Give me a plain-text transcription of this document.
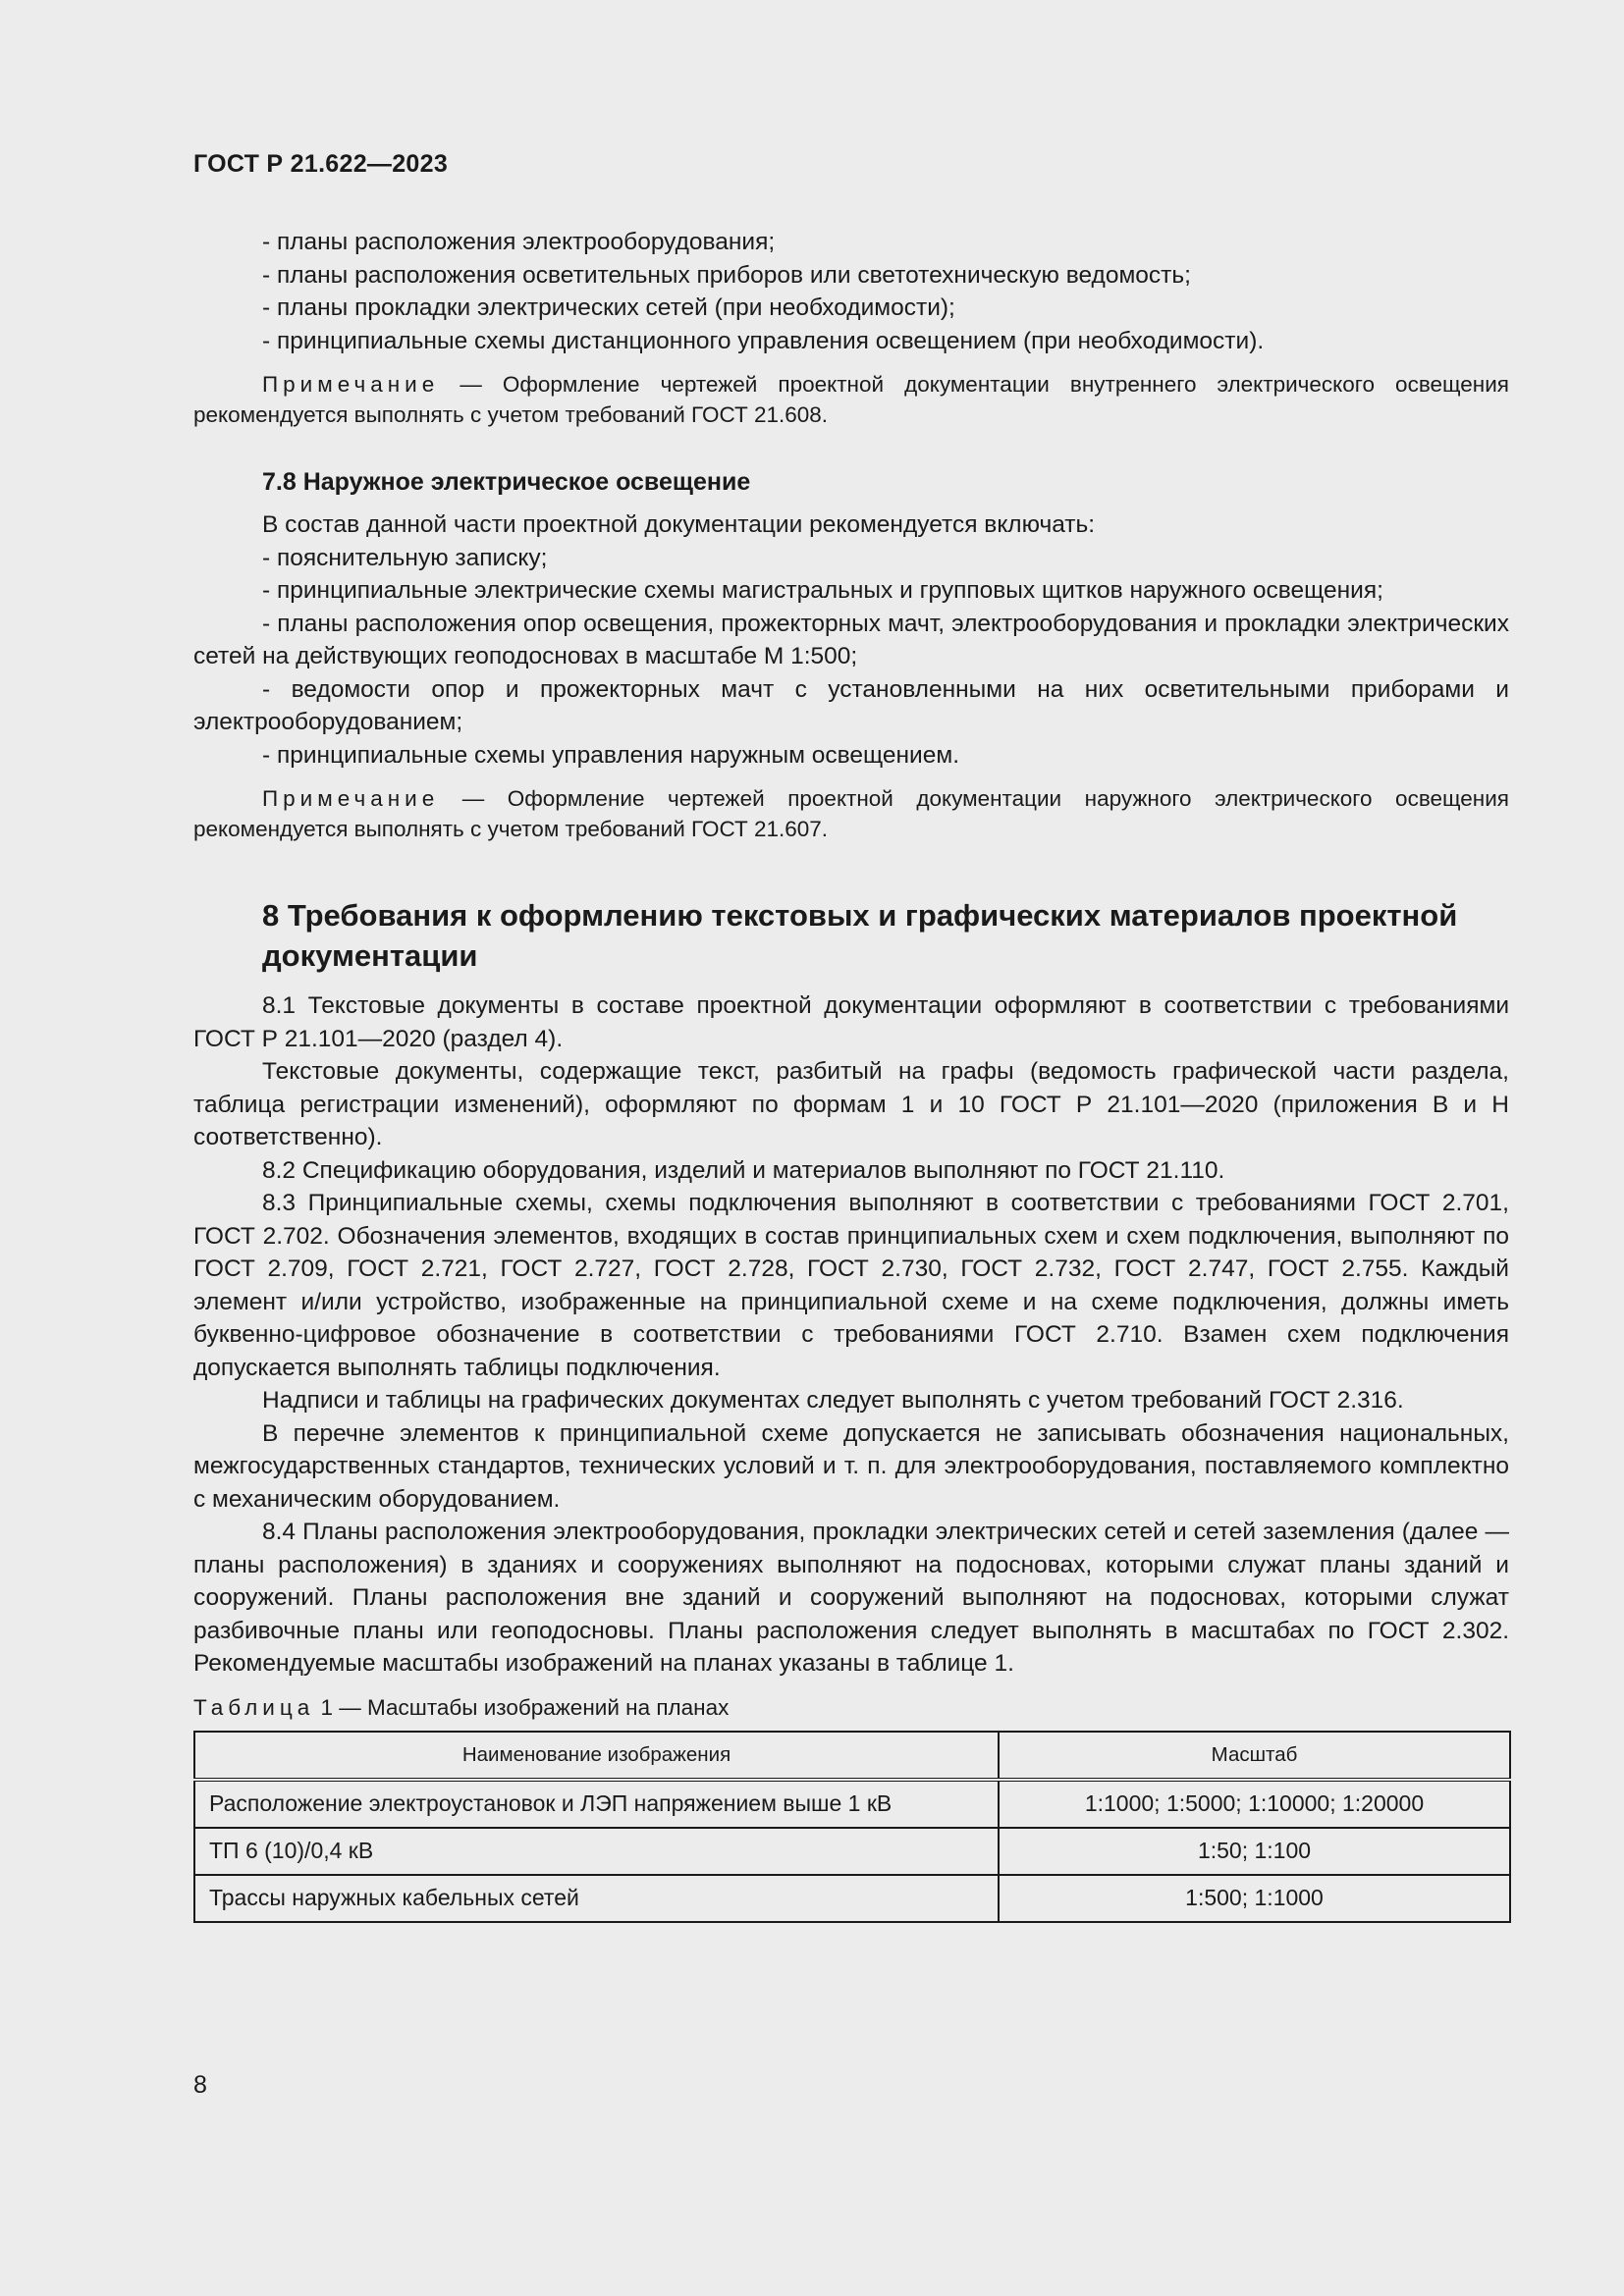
ГОСТ Р 21.622—2023

- планы расположения электрооборудования;

- планы расположения осветительных приборов или светотехническую ведомость;

- планы прокладки электрических сетей (при необходимости);

- принципиальные схемы дистанционного управления освещением (при необходимости).

Примечание — Оформление чертежей проектной документации внутреннего электрического освещения рекомендуется выполнять с учетом требований ГОСТ 21.608.

7.8 Наружное электрическое освещение

В состав данной части проектной документации рекомендуется включать:

- пояснительную записку;

- принципиальные электрические схемы магистральных и групповых щитков наружного освещения;

- планы расположения опор освещения, прожекторных мачт, электрооборудования и прокладки электрических сетей на действующих геоподосновах в масштабе М 1:500;

- ведомости опор и прожекторных мачт с установленными на них осветительными приборами и электрооборудованием;

- принципиальные схемы управления наружным освещением.

Примечание — Оформление чертежей проектной документации наружного электрического освещения рекомендуется выполнять с учетом требований ГОСТ 21.607.

8 Требования к оформлению текстовых и графических материалов проектной документации

8.1 Текстовые документы в составе проектной документации оформляют в соответствии с требованиями ГОСТ Р 21.101—2020 (раздел 4).

Текстовые документы, содержащие текст, разбитый на графы (ведомость графической части раздела, таблица регистрации изменений), оформляют по формам 1 и 10 ГОСТ Р 21.101—2020 (приложения В и Н соответственно).

8.2 Спецификацию оборудования, изделий и материалов выполняют по ГОСТ 21.110.

8.3 Принципиальные схемы, схемы подключения выполняют в соответствии с требованиями ГОСТ 2.701, ГОСТ 2.702. Обозначения элементов, входящих в состав принципиальных схем и схем подключения, выполняют по ГОСТ 2.709, ГОСТ 2.721, ГОСТ 2.727, ГОСТ 2.728, ГОСТ 2.730, ГОСТ 2.732, ГОСТ 2.747, ГОСТ 2.755. Каждый элемент и/или устройство, изображенные на принципиальной схеме и на схеме подключения, должны иметь буквенно-цифровое обозначение в соответствии с требованиями ГОСТ 2.710. Взамен схем подключения допускается выполнять таблицы подключения.

Надписи и таблицы на графических документах следует выполнять с учетом требований ГОСТ 2.316.

В перечне элементов к принципиальной схеме допускается не записывать обозначения национальных, межгосударственных стандартов, технических условий и т. п. для электрооборудования, поставляемого комплектно с механическим оборудованием.

8.4 Планы расположения электрооборудования, прокладки электрических сетей и сетей заземления (далее — планы расположения) в зданиях и сооружениях выполняют на подосновах, которыми служат планы зданий и сооружений. Планы расположения вне зданий и сооружений выполняют на подосновах, которыми служат разбивочные планы или геоподосновы. Планы расположения следует выполнять в масштабах по ГОСТ 2.302. Рекомендуемые масштабы изображений на планах указаны в таблице 1.

Таблица 1 — Масштабы изображений на планах
Наименование изображения	Масштаб
Расположение электроустановок и ЛЭП напряжением выше 1 кВ	1:1000; 1:5000; 1:10000; 1:20000
ТП 6 (10)/0,4 кВ	1:50; 1:100
Трассы наружных кабельных сетей	1:500; 1:1000
8
